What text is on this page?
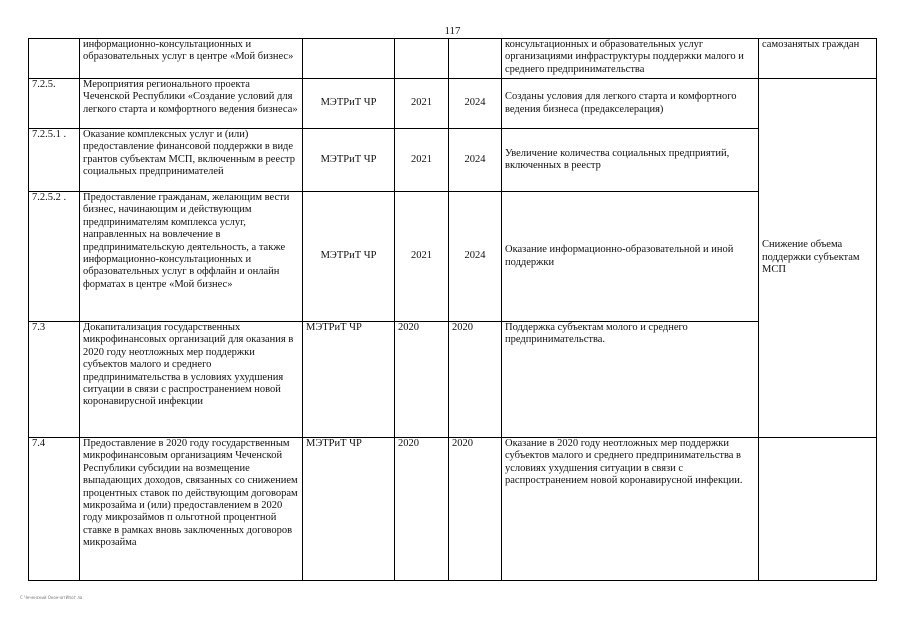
117
	информационно-консультационных и образовательных услуг в центре «Мой бизнес»				консультационных и образовательных услуг организациями инфраструктуры поддержки малого и среднего предпринимательства	самозанятых граждан
7.2.5.	Мероприятия регионального проекта Чеченской Республики «Создание условий для легкого старта и комфортного ведения бизнеса»	МЭТРиТ ЧР	2021	2024	Созданы условия для легкого старта и комфортного ведения бизнеса (предакселерация)	Снижение объема поддержки субъектам МСП
7.2.5.1 .	Оказание комплексных услуг и (или) предоставление финансовой поддержки в виде грантов субъектам МСП, включенным в реестр социальных предпринимателей	МЭТРиТ ЧР	2021	2024	Увеличение количества социальных предприятий, включенных в реестр	
7.2.5.2 .	Предоставление гражданам, желающим вести бизнес, начинающим и действующим предпринимателям комплекса услуг, направленных на вовлечение в предпринимательскую деятельность, а также информационно-консультационных и образовательных услуг в оффлайн и онлайн форматах в центре «Мой бизнес»	МЭТРиТ ЧР	2021	2024	Оказание информационно-образовательной и иной поддержки	
7.3	Докапитализация государственных микрофинансовых организаций для оказания в 2020 году неотложных мер поддержки субъектов малого и среднего предпринимательства в условиях ухудшения ситуации в связи с распространением новой коронавирусной инфекции	МЭТРиТ ЧР	2020	2020	Поддержка субъектам молого и среднего предпринимательства.	
7.4	Предоставление в 2020 году государственным микрофинансовым организациям Чеченской Республики субсидии на возмещение выпадающих доходов, связанных со снижением процентных ставок по действующим договорам микрозайма и (или) предоставлением в 2020 году микрозаймов п ольготной процентной ставке в рамках вновь заключенных договоров микрозайма	МЭТРиТ ЧР	2020	2020	Оказание в 2020 году неотложных мер поддержки субъектов малого и среднего предпринимательства в условиях ухудшения ситуации в связи с распространением новой коронавирусной инфекции.	
С Чеченский ОкончатИпот ла
